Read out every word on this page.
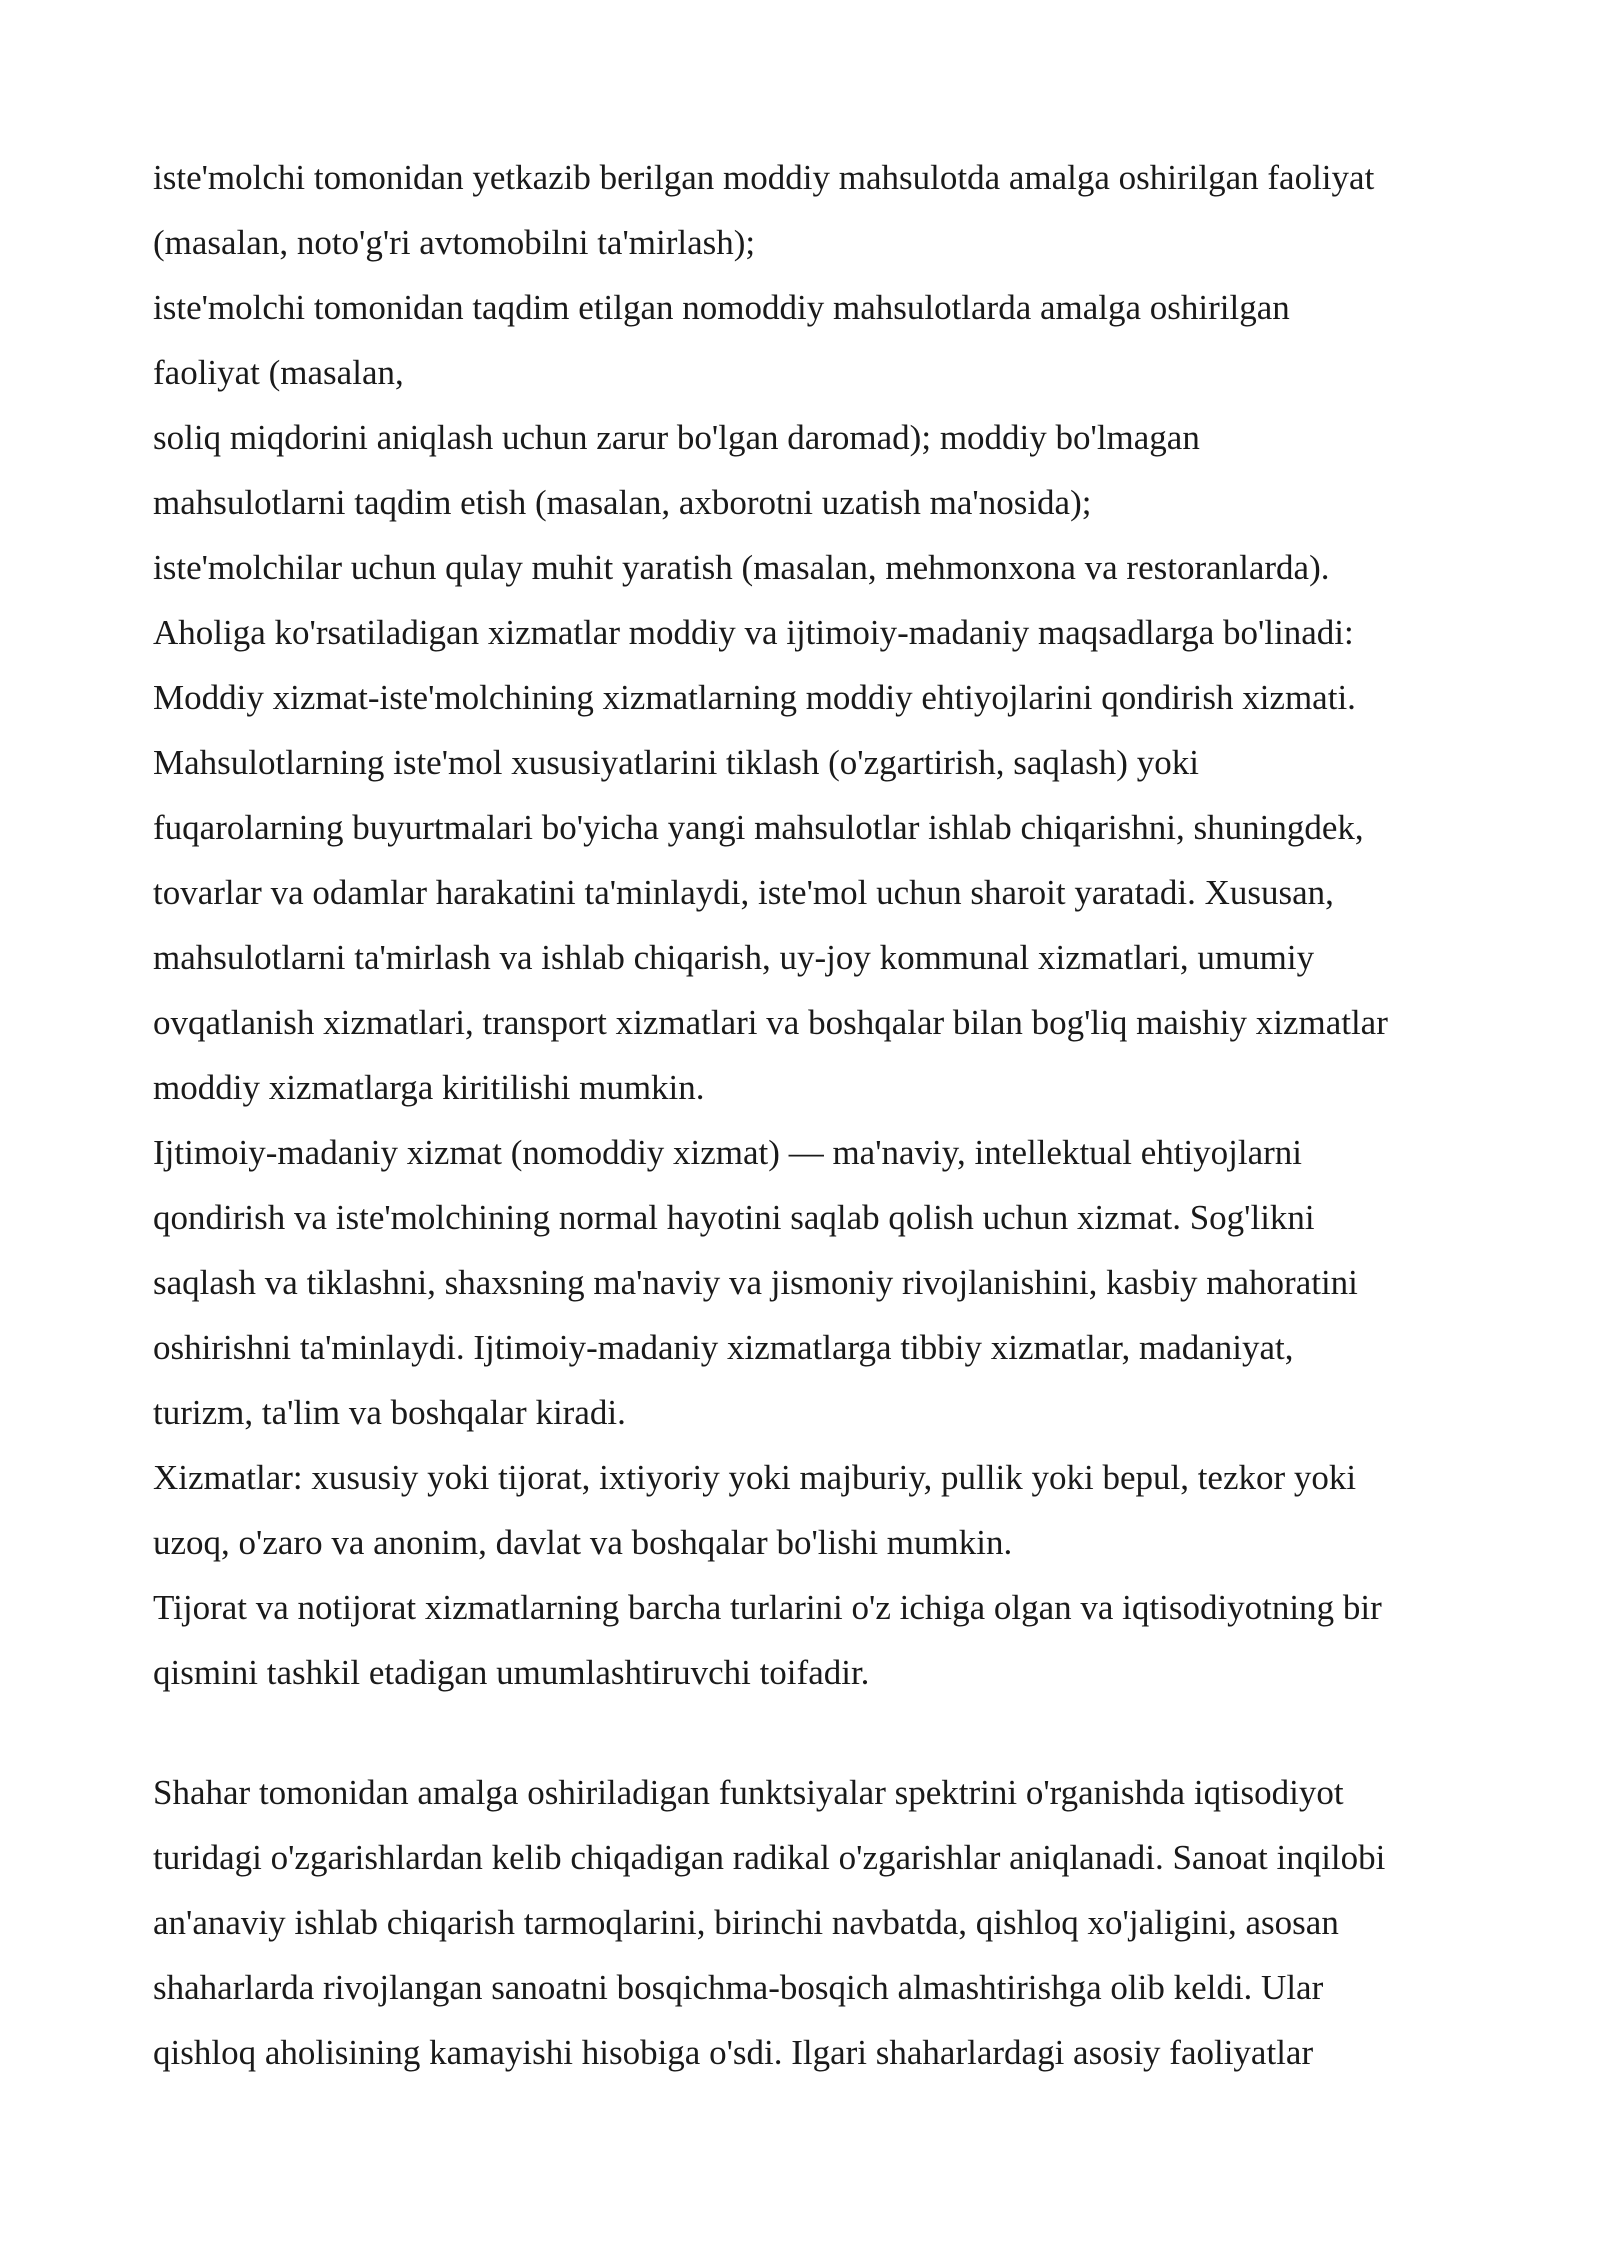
iste'molchi tomonidan yetkazib berilgan moddiy mahsulotda amalga oshirilgan faoliyat
(masalan, noto'g'ri avtomobilni ta'mirlash);
iste'molchi tomonidan taqdim etilgan nomoddiy mahsulotlarda amalga oshirilgan
faoliyat (masalan,
soliq miqdorini aniqlash uchun zarur bo'lgan daromad); moddiy bo'lmagan
mahsulotlarni taqdim etish (masalan, axborotni uzatish ma'nosida);
iste'molchilar uchun qulay muhit yaratish (masalan, mehmonxona va restoranlarda).
Aholiga ko'rsatiladigan xizmatlar moddiy va ijtimoiy-madaniy maqsadlarga bo'linadi:
Moddiy xizmat-iste'molchining xizmatlarning moddiy ehtiyojlarini qondirish xizmati.
Mahsulotlarning iste'mol xususiyatlarini tiklash (o'zgartirish, saqlash) yoki
fuqarolarning buyurtmalari bo'yicha yangi mahsulotlar ishlab chiqarishni, shuningdek,
tovarlar va odamlar harakatini ta'minlaydi, iste'mol uchun sharoit yaratadi. Xususan,
mahsulotlarni ta'mirlash va ishlab chiqarish, uy-joy kommunal xizmatlari, umumiy
ovqatlanish xizmatlari, transport xizmatlari va boshqalar bilan bog'liq maishiy xizmatlar
moddiy xizmatlarga kiritilishi mumkin.
Ijtimoiy-madaniy xizmat (nomoddiy xizmat) — ma'naviy, intellektual ehtiyojlarni
qondirish va iste'molchining normal hayotini saqlab qolish uchun xizmat. Sog'likni
saqlash va tiklashni, shaxsning ma'naviy va jismoniy rivojlanishini, kasbiy mahoratini
oshirishni ta'minlaydi. Ijtimoiy-madaniy xizmatlarga tibbiy xizmatlar, madaniyat,
turizm, ta'lim va boshqalar kiradi.
Xizmatlar: xususiy yoki tijorat, ixtiyoriy yoki majburiy, pullik yoki bepul, tezkor yoki
uzoq, o'zaro va anonim, davlat va boshqalar bo'lishi mumkin.
Tijorat va notijorat xizmatlarning barcha turlarini o'z ichiga olgan va iqtisodiyotning bir
qismini tashkil etadigan umumlashtiruvchi toifadir.
Shahar tomonidan amalga oshiriladigan funktsiyalar spektrini o'rganishda iqtisodiyot
turidagi o'zgarishlardan kelib chiqadigan radikal o'zgarishlar aniqlanadi. Sanoat inqilobi
an'anaviy ishlab chiqarish tarmoqlarini, birinchi navbatda, qishloq xo'jaligini, asosan
shaharlarda rivojlangan sanoatni bosqichma-bosqich almashtirishga olib keldi. Ular
qishloq aholisining kamayishi hisobiga o'sdi. Ilgari shaharlardagi asosiy faoliyatlar
